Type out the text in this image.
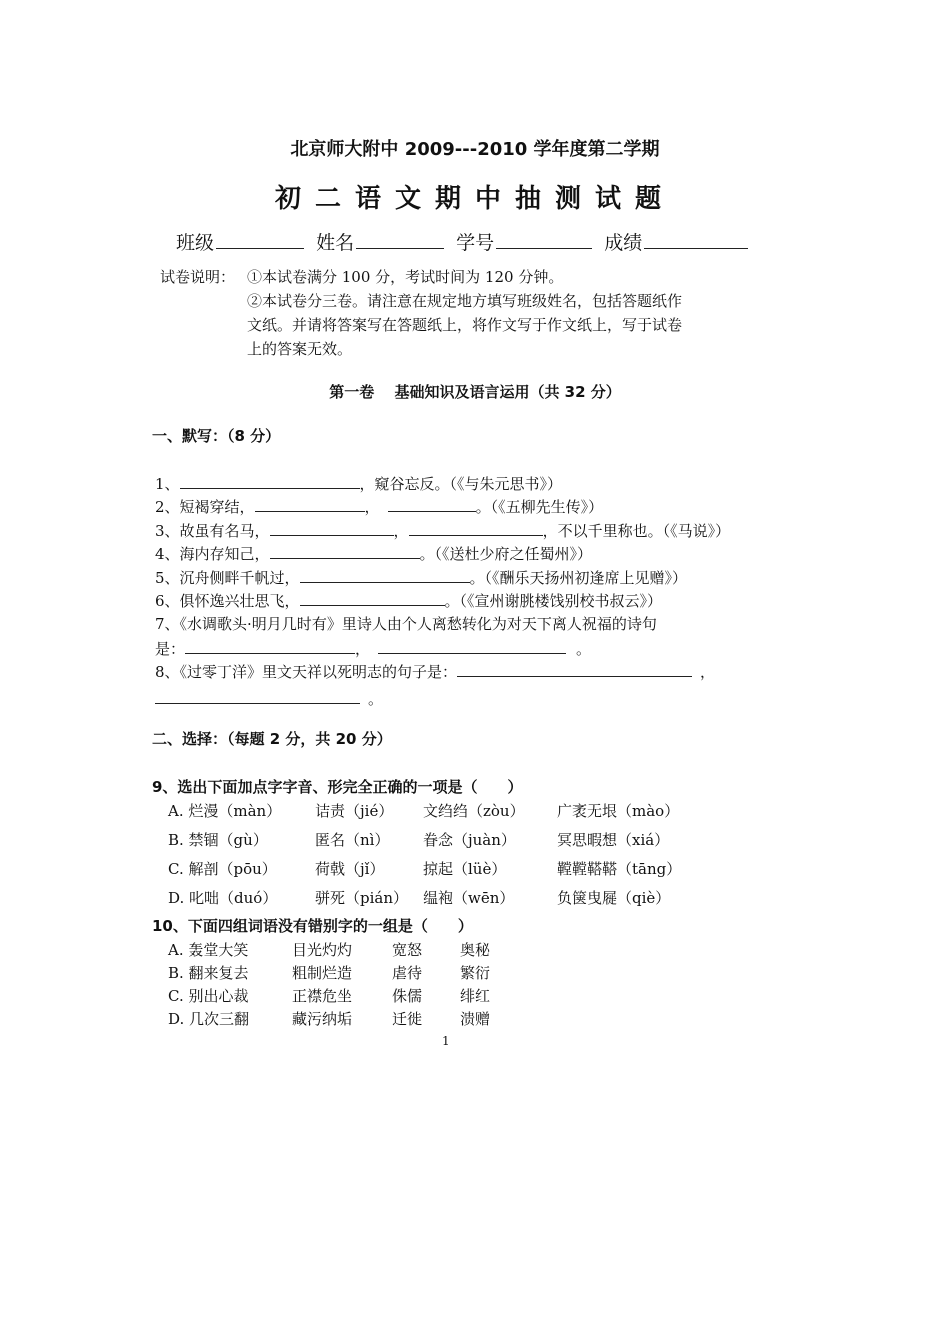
北京师大附中 2009---2010 学年度第二学期
初二语文期中抽测试题
班级	姓名	学号	成绩
试卷说明： ①本试卷满分 100 分，考试时间为 120 分钟。
②本试卷分三卷。请注意在规定地方填写班级姓名，包括答题纸作
文纸。并请将答案写在答题纸上，将作文写于作文纸上，写于试卷
上的答案无效。
第一卷　 基础知识及语言运用（共 32 分）
一、默写：（8 分）
1、	，窥谷忘反。（《与朱元思书》）
2、短褐穿结，	，	。（《五柳先生传》）
3、故虽有名马，	，	，不以千里称也。（《马说》）
4、海内存知己，	。（《送杜少府之任蜀州》）
5、沉舟侧畔千帆过，	。（《酬乐天扬州初逢席上见赠》）
6、俱怀逸兴壮思飞，	。（《宣州谢朓楼饯别校书叔云》）
7、《水调歌头·明月几时有》里诗人由个人离愁转化为对天下离人祝福的诗句
是：	，	。
8、《过零丁洋》里文天祥以死明志的句子是：	，
。
二、选择：（每题 2 分，共 20 分）
9、选出下面加点字字音、形完全正确的一项是（　　）
A. 烂漫（màn） 诘责（jié） 文绉绉（zòu） 广袤无垠（mào）
B. 禁锢（gù）	匿名（nì） 眷念（juàn）	冥思暇想（xiá）
C. 解剖（pōu）	荷戟（jǐ）	掠起（lüè）	鞺鞺鞳鞳（tāng）
D. 叱咄（duó）	骈死（pián） 缊袍（wēn）	负箧曳屣（qiè）
10、下面四组词语没有错别字的一组是（　　）
A. 轰堂大笑	目光灼灼	宽怒	奥秘
B. 翻来复去	粗制烂造	虐待	繁衍
C. 别出心裁	正襟危坐	侏儒	绯红
D. 几次三翻	藏污纳垢	迁徙	溃赠
1
